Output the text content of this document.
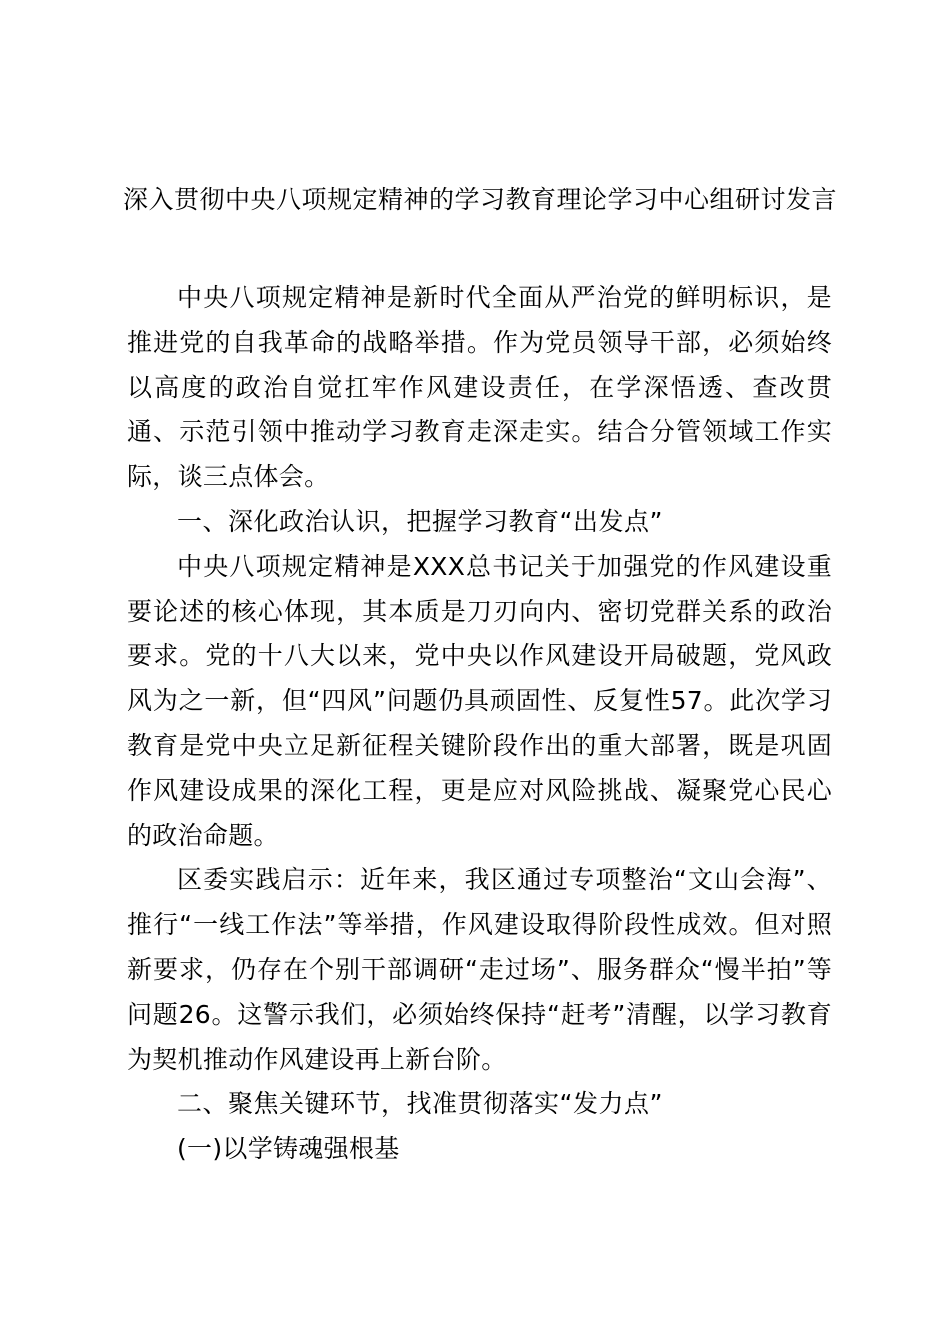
深入贯彻中央八项规定精神的学习教育理论学习中心组研讨发言

中央八项规定精神是新时代全面从严治党的鲜明标识，是推进党的自我革命的战略举措。作为党员领导干部，必须始终以高度的政治自觉扛牢作风建设责任，在学深悟透、查改贯通、示范引领中推动学习教育走深走实。结合分管领域工作实际，谈三点体会。

一、深化政治认识，把握学习教育“出发点”

中央八项规定精神是XXX总书记关于加强党的作风建设重要论述的核心体现，其本质是刀刃向内、密切党群关系的政治要求。党的十八大以来，党中央以作风建设开局破题，党风政风为之一新，但“四风”问题仍具顽固性、反复性57。此次学习教育是党中央立足新征程关键阶段作出的重大部署，既是巩固作风建设成果的深化工程，更是应对风险挑战、凝聚党心民心的政治命题。

区委实践启示：近年来，我区通过专项整治“文山会海”、推行“一线工作法”等举措，作风建设取得阶段性成效。但对照新要求，仍存在个别干部调研“走过场”、服务群众“慢半拍”等问题26。这警示我们，必须始终保持“赶考”清醒，以学习教育为契机推动作风建设再上新台阶。

二、聚焦关键环节，找准贯彻落实“发力点”

(一)以学铸魂强根基
